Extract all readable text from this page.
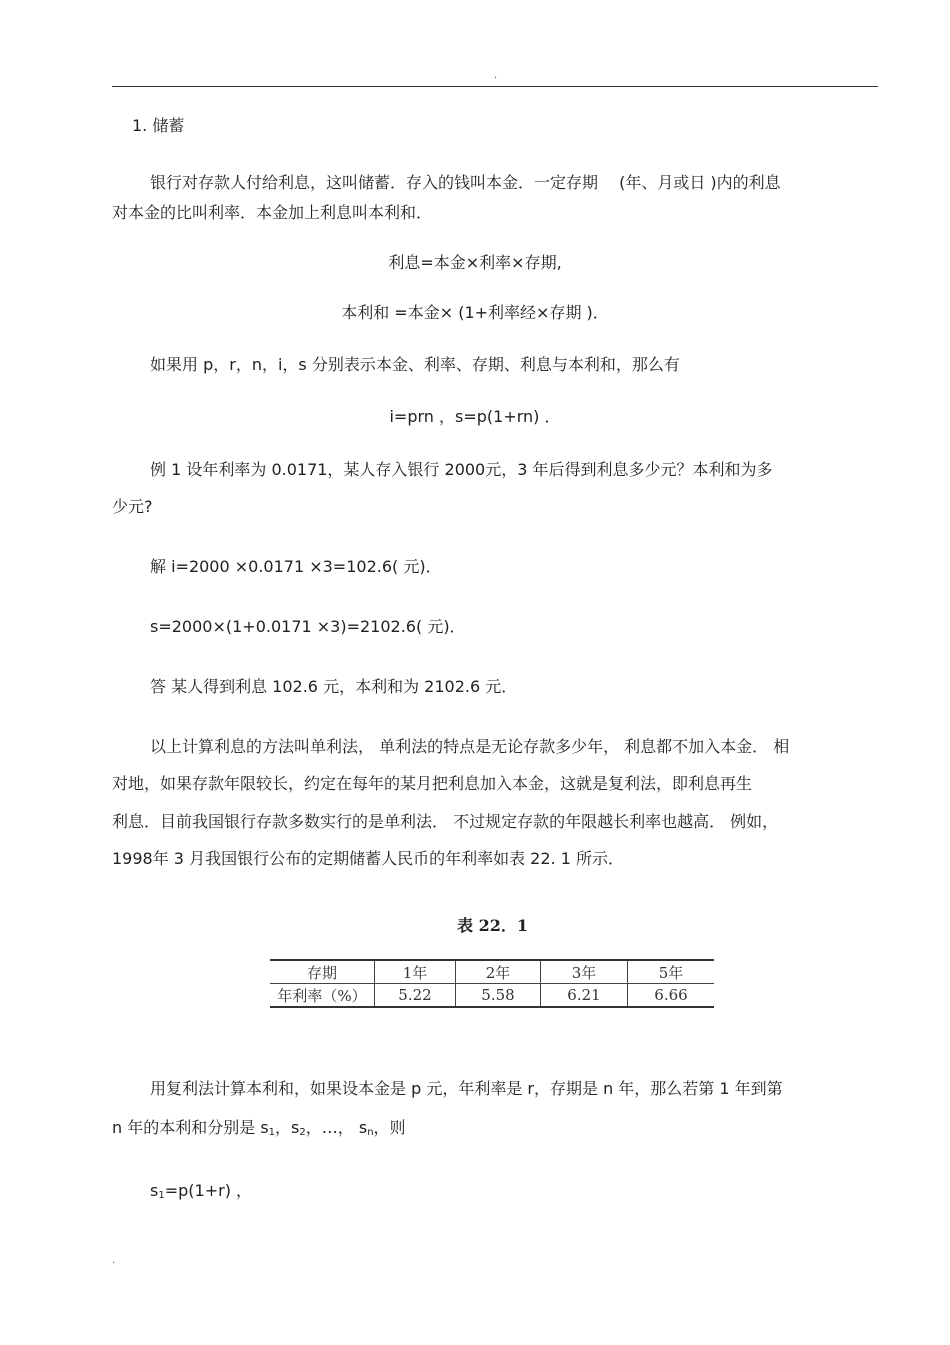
.
1. 储蓄
银行对存款人付给利息，这叫储蓄．存入的钱叫本金．一定存期　 (年、月或日 )内的利息
对本金的比叫利率．本金加上利息叫本利和．
利息=本金×利率×存期,
本利和 =本金× (1+利率经×存期 )．
如果用 p，r，n，i，s 分别表示本金、利率、存期、利息与本利和，那么有
i=prn ，s=p(1+rn) ．
例 1 设年利率为 0.0171，某人存入银行 2000元，3 年后得到利息多少元？本利和为多
少元?
解 i=2000 ×0.0171 ×3=102.6( 元)．
s=2000×(1+0.0171 ×3)=2102.6( 元)．
答 某人得到利息 102.6 元，本利和为 2102.6 元．
以上计算利息的方法叫单利法， 单利法的特点是无论存款多少年， 利息都不加入本金． 相
对地，如果存款年限较长，约定在每年的某月把利息加入本金，这就是复利法，即利息再生
利息．目前我国银行存款多数实行的是单利法． 不过规定存款的年限越长利率也越高． 例如，
1998年 3 月我国银行公布的定期储蓄人民币的年利率如表 22. 1 所示．
表 22．1
存期	1年	2年	3年	5年
年利率（%）	5.22	5.58	6.21	6.66
用复利法计算本利和，如果设本金是 p 元，年利率是 r，存期是 n 年，那么若第 1 年到第
n 年的本利和分别是 $s_1$，$s_2$，…， $s_n$，则
$s_1=p(1+r)$ ，
.
